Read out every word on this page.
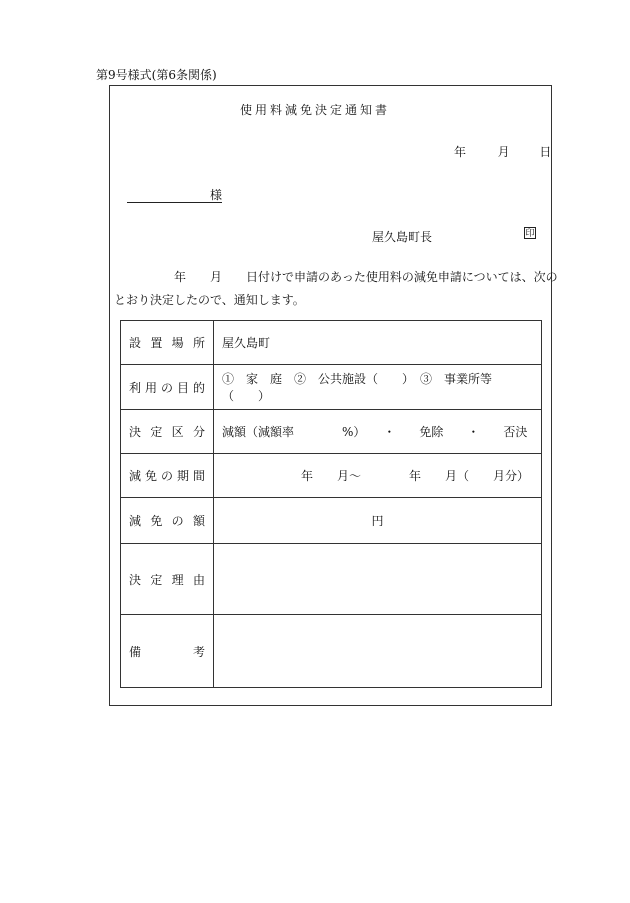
第9号様式(第6条関係)
使用料減免決定通知書
年	月 日
様
屋久島町長	印
年　　月　　日付けで申請のあった使用料の減免申請については、次の
とおり決定したので、通知します。
設置場所	屋久島町

利用の目的	①　家　庭　②　公共施設（　　）　③　事業所等（　　）

決定区分	減額（減額率　　　　%）　　・　　免除　　・　　否決

減免の期間	年　　月～　　　　年　　月（　　月分）

減免の額	円

決定理由	

備考	
